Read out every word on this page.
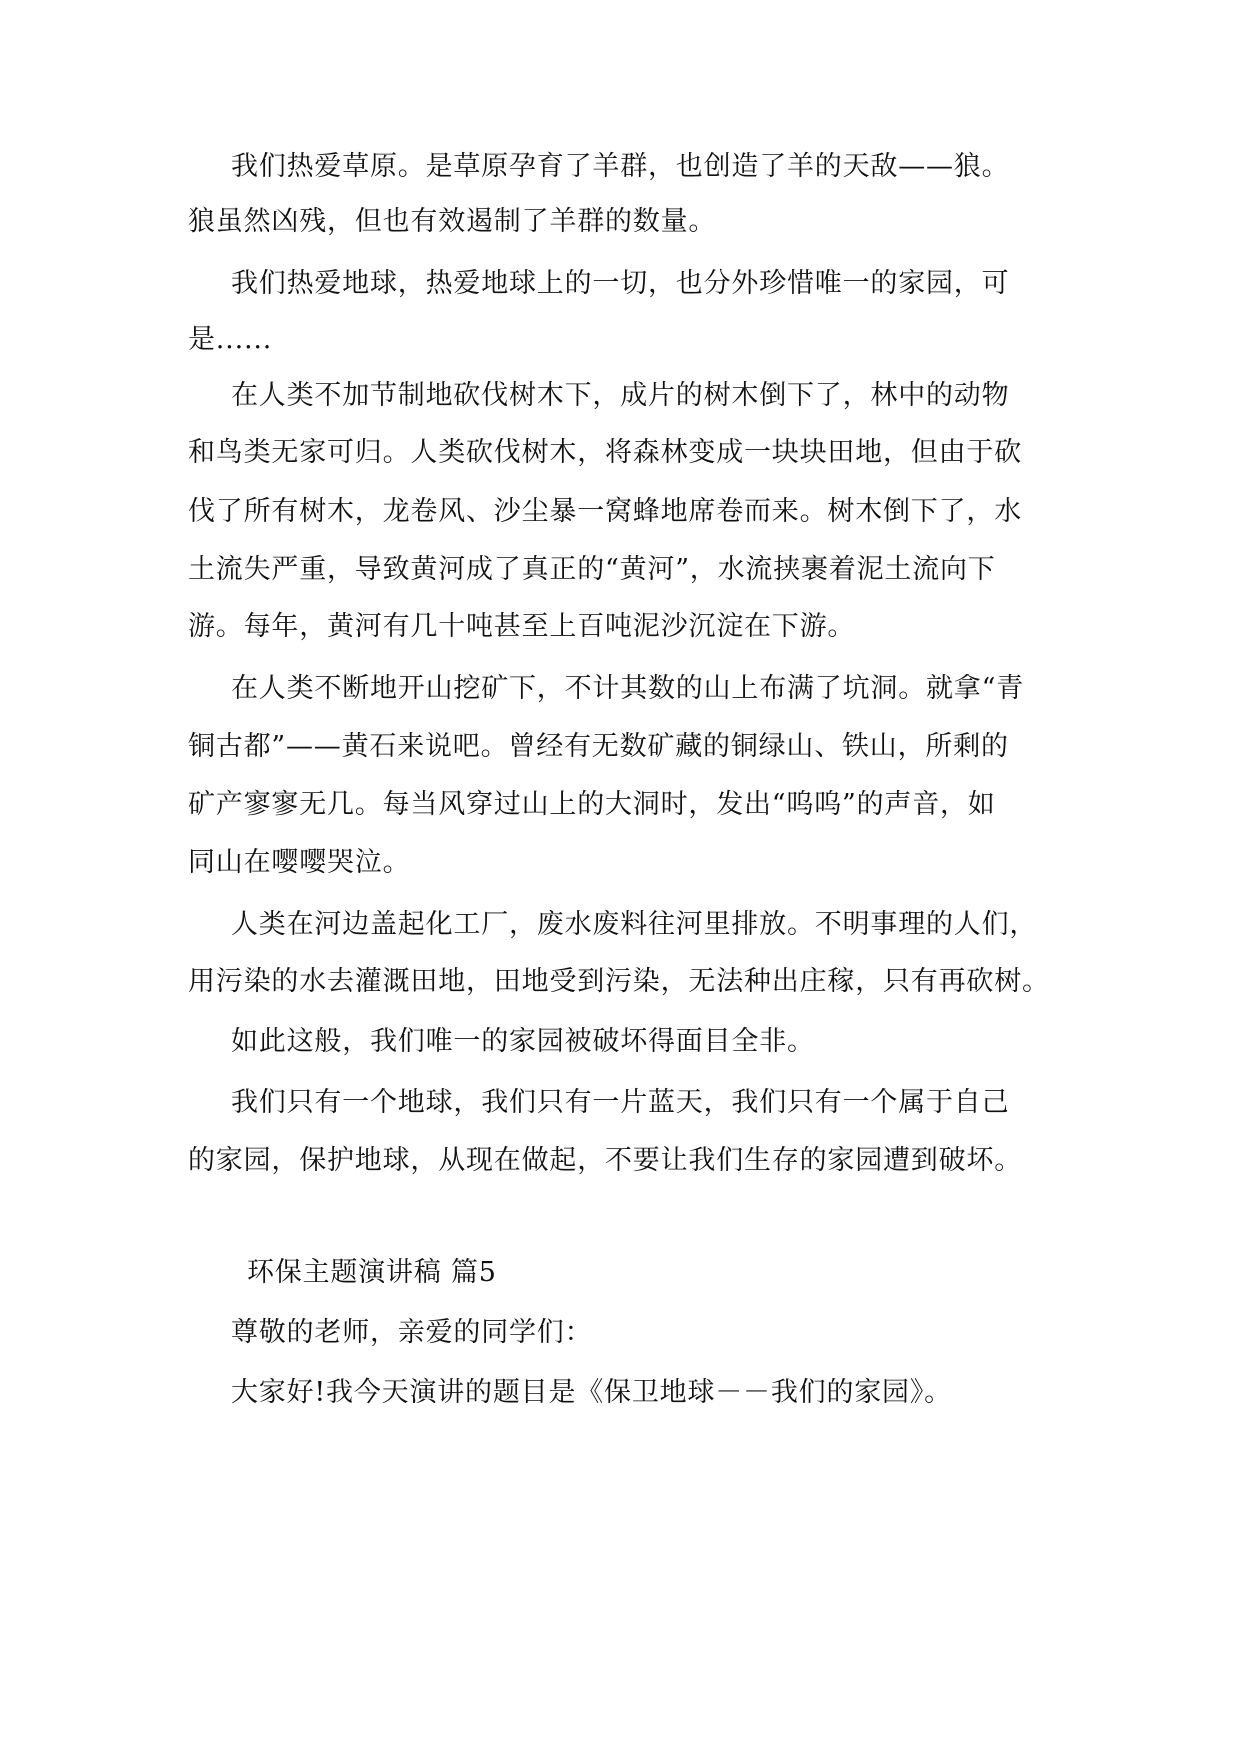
我们热爱草原。是草原孕育了羊群，也创造了羊的天敌——狼。
狼虽然凶残，但也有效遏制了羊群的数量。
我们热爱地球，热爱地球上的一切，也分外珍惜唯一的家园，可
是......
在人类不加节制地砍伐树木下，成片的树木倒下了，林中的动物
和鸟类无家可归。人类砍伐树木，将森林变成一块块田地，但由于砍
伐了所有树木，龙卷风、沙尘暴一窝蜂地席卷而来。树木倒下了，水
土流失严重，导致黄河成了真正的“黄河”，水流挟裹着泥土流向下
游。每年，黄河有几十吨甚至上百吨泥沙沉淀在下游。
在人类不断地开山挖矿下，不计其数的山上布满了坑洞。就拿“青
铜古都”——黄石来说吧。曾经有无数矿藏的铜绿山、铁山，所剩的
矿产寥寥无几。每当风穿过山上的大洞时，发出“呜呜”的声音，如
同山在嘤嘤哭泣。
人类在河边盖起化工厂，废水废料往河里排放。不明事理的人们，
用污染的水去灌溉田地，田地受到污染，无法种出庄稼，只有再砍树。
如此这般，我们唯一的家园被破坏得面目全非。
我们只有一个地球，我们只有一片蓝天，我们只有一个属于自己
的家园，保护地球，从现在做起，不要让我们生存的家园遭到破坏。
环保主题演讲稿 篇5
尊敬的老师，亲爱的同学们：
大家好!我今天演讲的题目是《保卫地球－－我们的家园》。
